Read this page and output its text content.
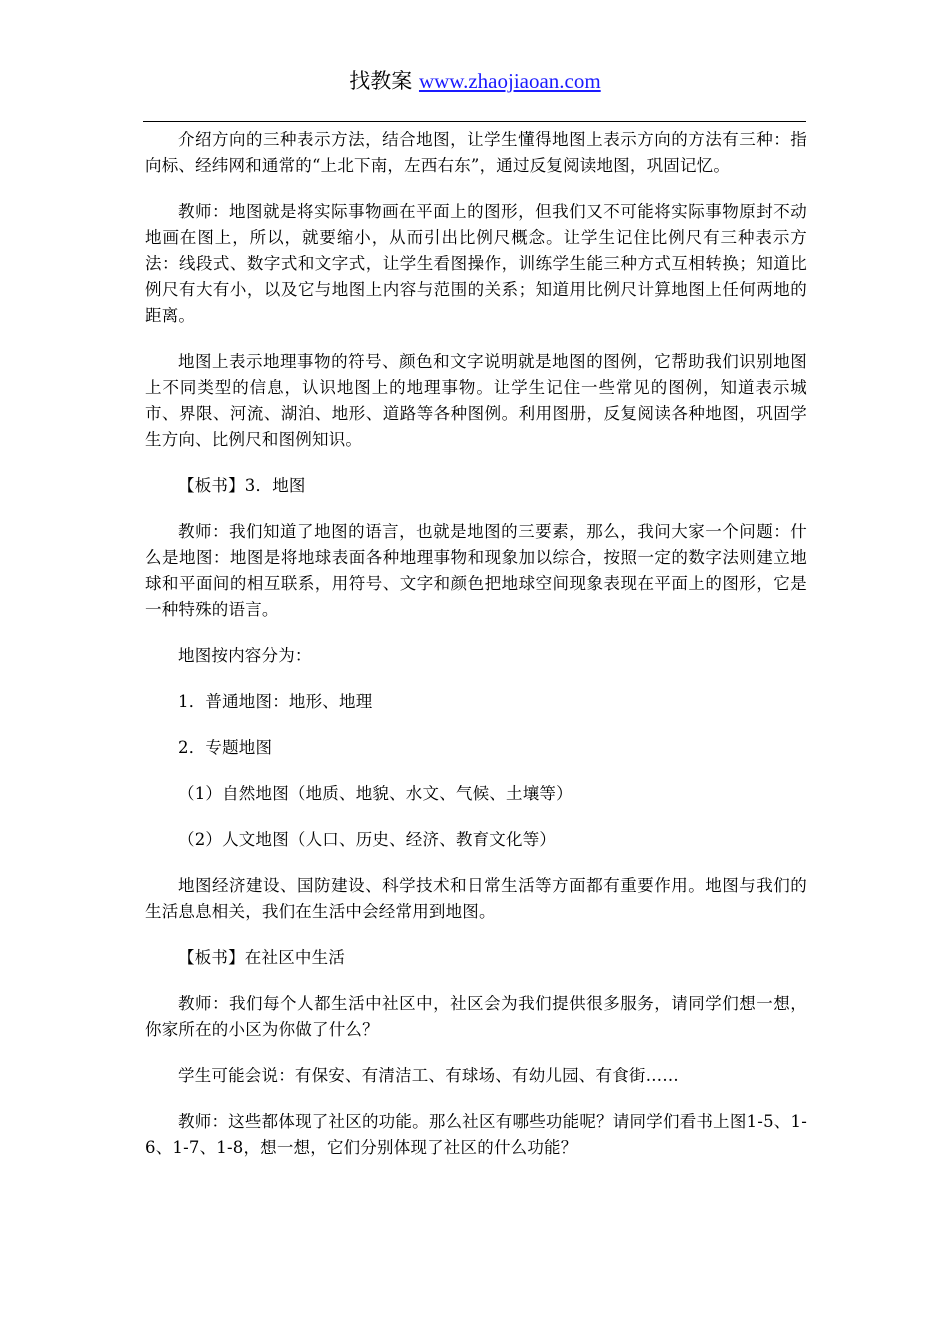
找教案 www.zhaojiaoan.com

介绍方向的三种表示方法，结合地图，让学生懂得地图上表示方向的方法有三种：指向标、经纬网和通常的“上北下南，左西右东”，通过反复阅读地图，巩固记忆。

教师：地图就是将实际事物画在平面上的图形，但我们又不可能将实际事物原封不动地画在图上，所以，就要缩小，从而引出比例尺概念。让学生记住比例尺有三种表示方法：线段式、数字式和文字式，让学生看图操作，训练学生能三种方式互相转换；知道比例尺有大有小，以及它与地图上内容与范围的关系；知道用比例尺计算地图上任何两地的距离。

地图上表示地理事物的符号、颜色和文字说明就是地图的图例，它帮助我们识别地图上不同类型的信息，认识地图上的地理事物。让学生记住一些常见的图例，知道表示城市、界限、河流、湖泊、地形、道路等各种图例。利用图册，反复阅读各种地图，巩固学生方向、比例尺和图例知识。

【板书】3．地图

教师：我们知道了地图的语言，也就是地图的三要素，那么，我问大家一个问题：什么是地图：地图是将地球表面各种地理事物和现象加以综合，按照一定的数字法则建立地球和平面间的相互联系，用符号、文字和颜色把地球空间现象表现在平面上的图形，它是一种特殊的语言。

地图按内容分为：

1．普通地图：地形、地理

2．专题地图

（1）自然地图（地质、地貌、水文、气候、土壤等）

（2）人文地图（人口、历史、经济、教育文化等）

地图经济建设、国防建设、科学技术和日常生活等方面都有重要作用。地图与我们的生活息息相关，我们在生活中会经常用到地图。

【板书】在社区中生活

教师：我们每个人都生活中社区中，社区会为我们提供很多服务，请同学们想一想，你家所在的小区为你做了什么？

学生可能会说：有保安、有清洁工、有球场、有幼儿园、有食街……

教师：这些都体现了社区的功能。那么社区有哪些功能呢？请同学们看书上图1-5、1-6、1-7、1-8，想一想，它们分别体现了社区的什么功能？
